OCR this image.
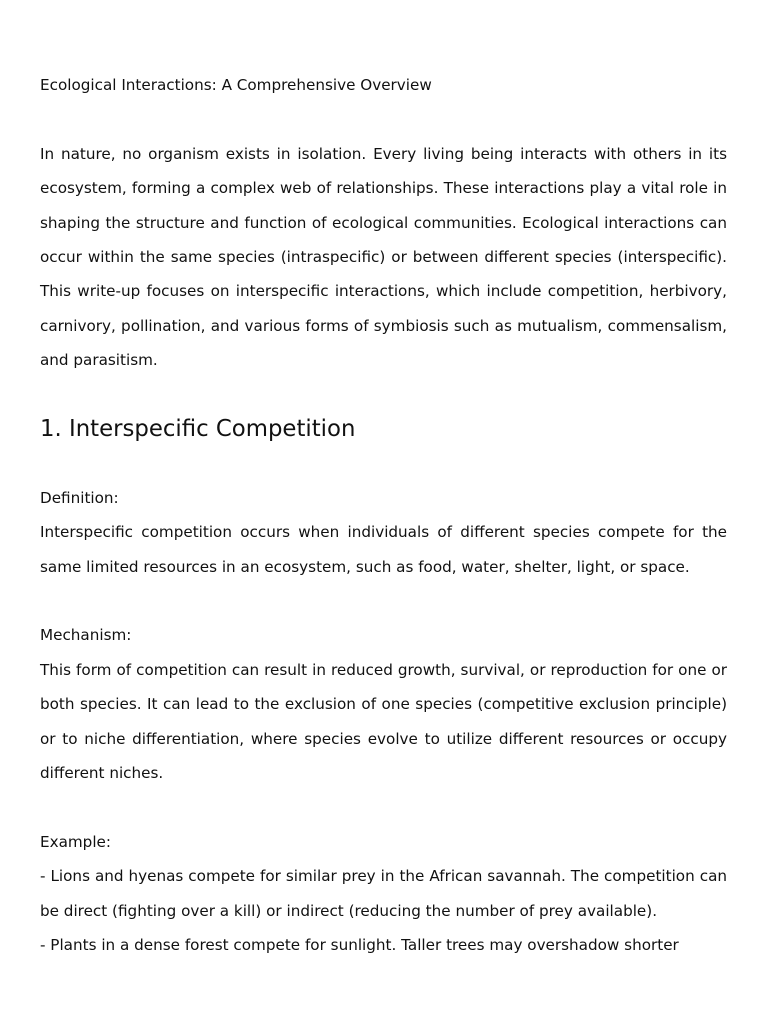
Ecological Interactions: A Comprehensive Overview

In nature, no organism exists in isolation. Every living being interacts with others in its ecosystem, forming a complex web of relationships. These interactions play a vital role in shaping the structure and function of ecological communities. Ecological interactions can occur within the same species (intraspecific) or between different species (interspecific). This write-up focuses on interspecific interactions, which include competition, herbivory, carnivory, pollination, and various forms of symbiosis such as mutualism, commensalism, and parasitism.

1. Interspecific Competition
Definition:
Interspecific competition occurs when individuals of different species compete for the same limited resources in an ecosystem, such as food, water, shelter, light, or space.
Mechanism:
This form of competition can result in reduced growth, survival, or reproduction for one or both species. It can lead to the exclusion of one species (competitive exclusion principle) or to niche differentiation, where species evolve to utilize different resources or occupy different niches.
Example:
- Lions and hyenas compete for similar prey in the African savannah. The competition can be direct (fighting over a kill) or indirect (reducing the number of prey available).
- Plants in a dense forest compete for sunlight. Taller trees may overshadow shorter
